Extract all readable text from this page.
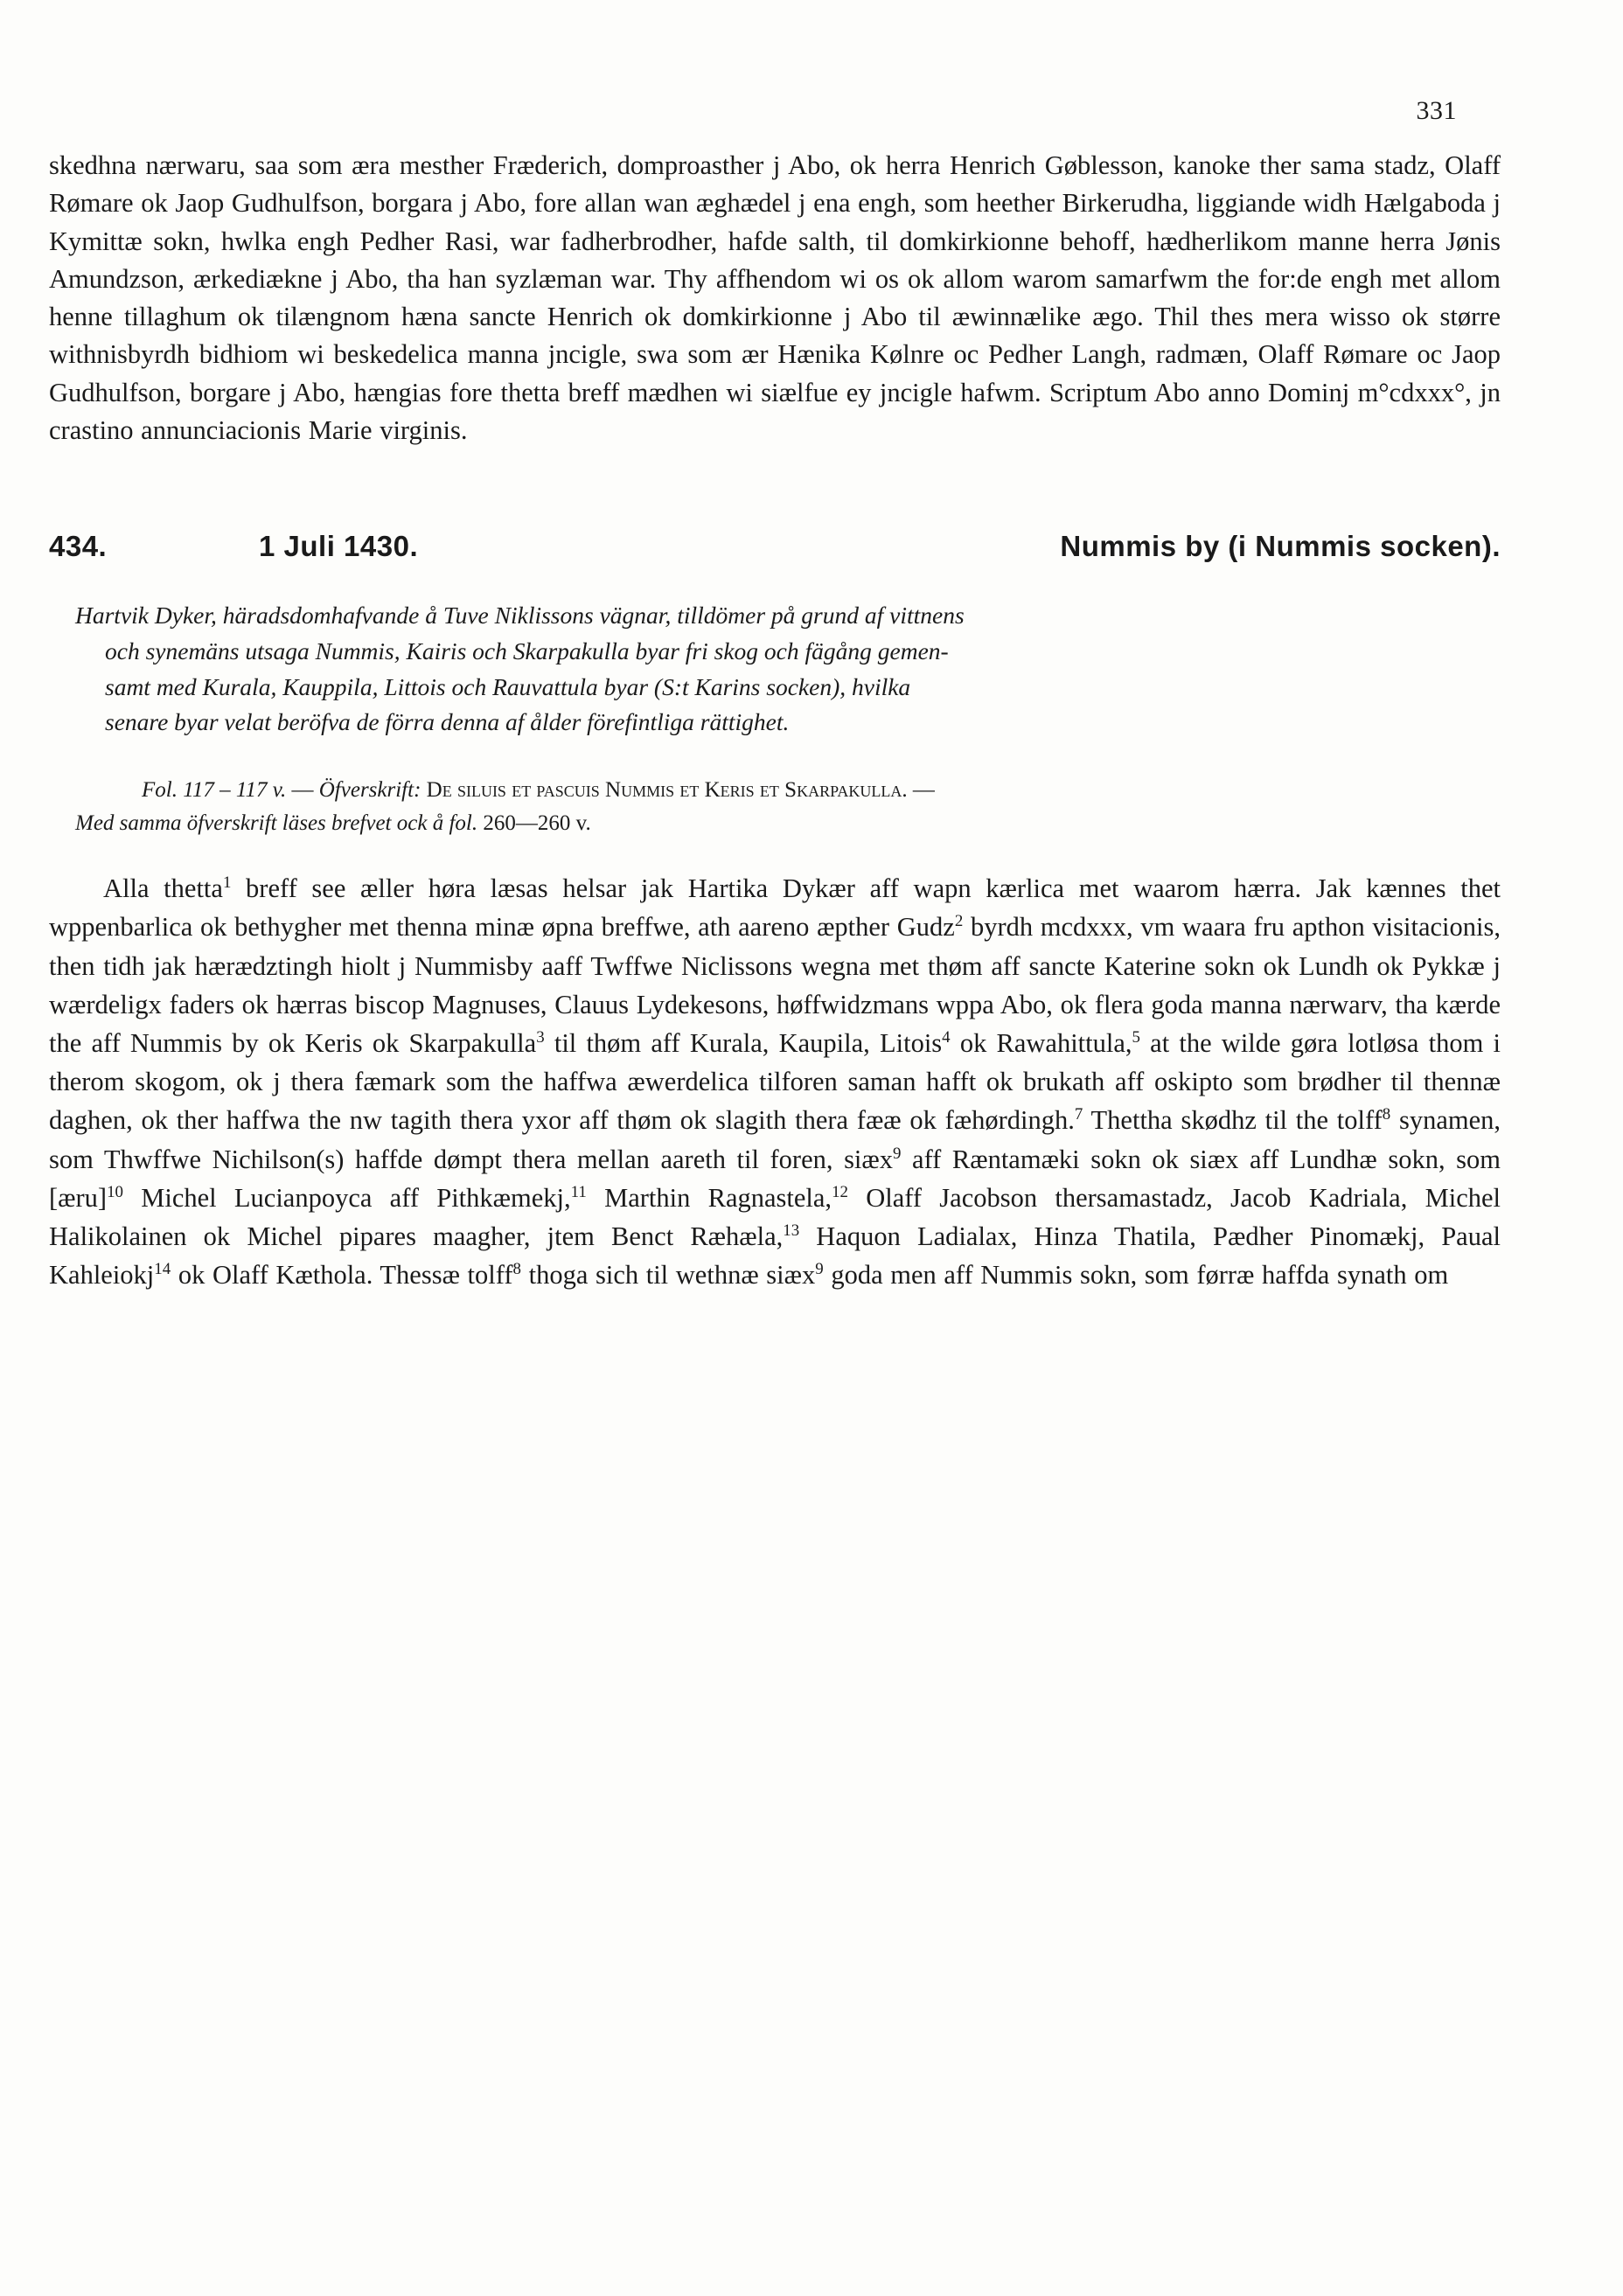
331
skedhna nærwaru, saa som æra mesther Fræderich, domproasther j Abo, ok herra Henrich Gøblesson, kanoke ther sama stadz, Olaff Rømare ok Jaop Gudhulfson, borgara j Abo, fore allan wan æghædel j ena engh, som heether Birkerudha, liggiande widh Hælgaboda j Kymittæ sokn, hwlka engh Pedher Rasi, war fadherbrodher, hafde salth, til domkirkionne behoff, hædherlikom manne herra Jønis Amundzson, ærkediækne j Abo, tha han syzlæman war. Thy affhendom wi os ok allom warom samarfwm the for:de engh met allom henne tillaghum ok tilængnom hæna sancte Henrich ok domkirkionne j Abo til æwinnælike ægo. Thil thes mera wisso ok større withnisbyrdh bidhiom wi beskedelica manna jncigle, swa som ær Hænika Kølnre oc Pedher Langh, radmæn, Olaff Rømare oc Jaop Gudhulfson, borgare j Abo, hængias fore thetta breff mædhen wi siælfue ey jncigle hafwm. Scriptum Abo anno Dominj m°cdxxx°, jn crastino annunciacionis Marie virginis.
434.	1 Juli 1430.	Nummis by (i Nummis socken).
Hartvik Dyker, häradsdomhafvande å Tuve Niklissons vägnar, tilldömer på grund af vittnens
och synemäns utsaga Nummis, Kairis och Skarpakulla byar fri skog och fägång gemen-
samt med Kurala, Kauppila, Littois och Rauvattula byar (S:t Karins socken), hvilka
senare byar velat beröfva de förra denna af ålder förefintliga rättighet.
Fol. 117 – 117 v. — Öfverskrift: De siluis et pascuis Nummis et Keris et Skarpakulla. —
Med samma öfverskrift läses brefvet ock å fol. 260—260 v.
Alla thetta$^1$ breff see æller høra læsas helsar jak Hartika Dykær aff wapn kærlica met waarom hærra. Jak kænnes thet wppenbarlica ok bethygher met thenna minæ øpna breffwe, ath aareno æpther Gudz$^2$ byrdh mcdxxx, vm waara fru apthon visitacionis, then tidh jak hærædztingh hiolt j Nummisby aaff Twffwe Niclissons wegna met thøm aff sancte Katerine sokn ok Lundh ok Pykkæ j wærdeligx faders ok hærras biscop Magnuses, Clauus Lydekesons, høffwidzmans wppa Abo, ok flera goda manna nærwarv, tha kærde the aff Nummis by ok Keris ok Skarpakulla$^3$ til thøm aff Kurala, Kaupila, Litois$^4$ ok Rawahittula,$^5$ at the wilde gøra lotløsa thom i therom skogom, ok j thera fæmark som the haffwa æwerdelica tilforen saman hafft ok brukath aff oskipto som brødher til thennæ daghen, ok ther haffwa the nw tagith thera yxor aff thøm ok slagith thera fææ ok fæhørdingh.$^7$ Thettha skødhz til the tolff$^8$ synamen, som Thwffwe Nichilson(s) haffde dømpt thera mellan aareth til foren, siæx$^9$ aff Ræntamæki sokn ok siæx aff Lundhæ sokn, som [æru]$^{10}$ Michel Lucianpoyca aff Pithkæmekj,$^{11}$ Marthin Ragnastela,$^{12}$ Olaff Jacobson thersamastadz, Jacob Kadriala, Michel Halikolainen ok Michel pipares maagher, jtem Benct Ræhæla,$^{13}$ Haquon Ladialax, Hinza Thatila, Pædher Pinomækj, Paual Kahleiokj$^{14}$ ok Olaff Kæthola. Thessæ tolff$^8$ thoga sich til wethnæ siæx$^9$ goda men aff Nummis sokn, som førræ haffda synath om
